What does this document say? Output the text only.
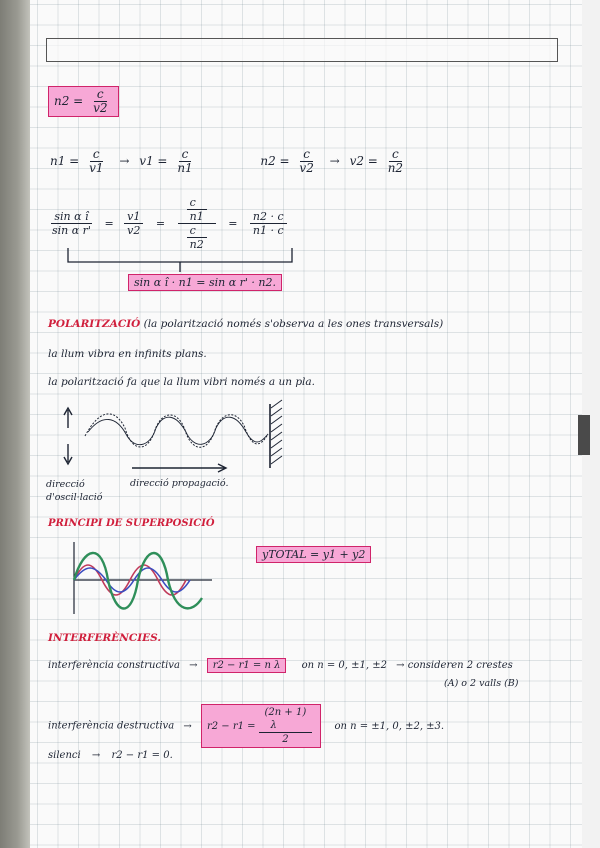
$n2 = \frac{c}{v2}$
$n1 = \frac{c}{v1} \to v1 = \frac{c}{n1}$	$n2 = \frac{c}{v2} \to v2 = \frac{c}{n2}$
$\frac{\text{sin α î}}{\text{sin α r'}} = \frac{v1}{v2} = c$
n1
c
$n2 = \frac{n2 \cdot c}{n1 \cdot c}$
sin α î · n1 = sin α r' · n2.
POLARITZACIÓ (la polarització només s'observa a les ones transversals)
la llum vibra en infinits plans.
la polarització fa que la llum vibri només a un pla.
direcció d'oscil·lació
direcció propagació.
PRINCIPI DE SUPERPOSICIÓ
yTOTAL = y1 + y2
INTERFERÈNCIES.
interferència constructiva → r2 − r1 = n λ on n = 0, ±1, ±2 → consideren 2 crestes
(A) o 2 valls (B)
interferència destructiva → r2 − r1 = (2n + 1)
λ
2 on n = ±1, 0, ±2, ±3.
silenci → r2 − r1 = 0.
